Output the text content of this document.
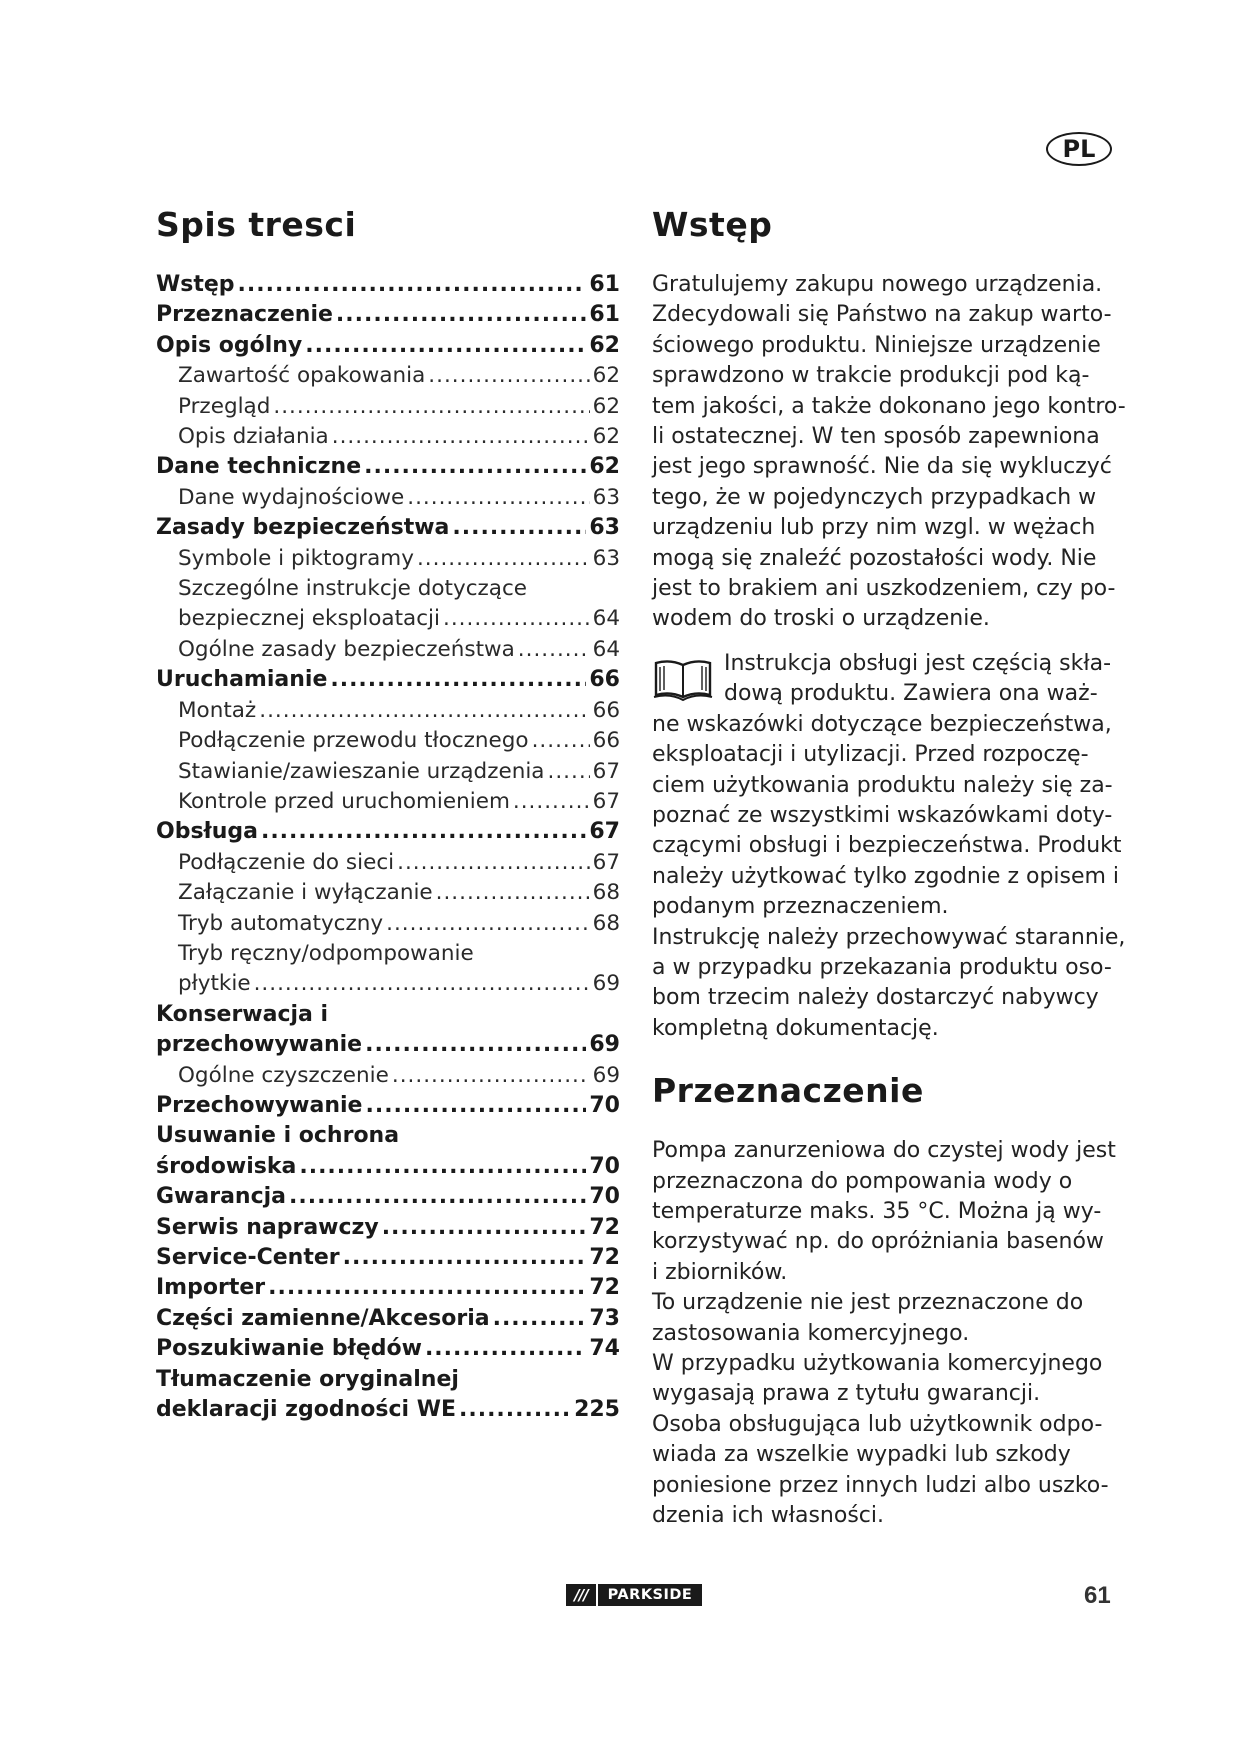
PL
Spis tresci
Wstęp .....	61
Przeznaczenie .....	61
Opis ogólny .....	62
Zawartość opakowania .....	62
Przegląd .....	62
Opis działania .....	62
Dane techniczne .....	62
Dane wydajnościowe .....	63
Zasady bezpieczeństwa .....	63
Symbole i piktogramy .....	63
Szczególne instrukcje dotyczące
bezpiecznej eksploatacji .....	64
Ogólne zasady bezpieczeństwa .....	64
Uruchamianie .....	66
Montaż .....	66
Podłączenie przewodu tłocznego .....	66
Stawianie/zawieszanie urządzenia ..... 67
Kontrole przed uruchomieniem .....	67
Obsługa .....	67
Podłączenie do sieci .....	67
Załączanie i wyłączanie .....	68
Tryb automatyczny .....	68
Tryb ręczny/odpompowanie
płytkie .....	69
Konserwacja i
przechowywanie .....	69
Ogólne czyszczenie .....	69
Przechowywanie .....	70
Usuwanie i ochrona
środowiska .....	70
Gwarancja .....	70
Serwis naprawczy .....	72
Service-Center .....	72
Importer .....	72
Części zamienne/Akcesoria .....	73
Poszukiwanie błędów .....	74
Tłumaczenie oryginalnej
deklaracji zgodności WE .....	225
Wstęp
Gratulujemy zakupu nowego urządzenia.
Zdecydowali się Państwo na zakup warto-
ściowego produktu. Niniejsze urządzenie
sprawdzono w trakcie produkcji pod ką-
tem jakości, a także dokonano jego kontro-
li ostatecznej. W ten sposób zapewniona
jest jego sprawność. Nie da się wykluczyć
tego, że w pojedynczych przypadkach w
urządzeniu lub przy nim wzgl. w wężach
mogą się znaleźć pozostałości wody. Nie
jest to brakiem ani uszkodzeniem, czy po-
wodem do troski o urządzenie.
Instrukcja obsługi jest częścią skła-
dową produktu. Zawiera ona waż-
ne wskazówki dotyczące bezpieczeństwa,
eksploatacji i utylizacji. Przed rozpoczę-
ciem użytkowania produktu należy się za-
poznać ze wszystkimi wskazówkami doty-
czącymi obsługi i bezpieczeństwa. Produkt
należy użytkować tylko zgodnie z opisem i
podanym przeznaczeniem.
Instrukcję należy przechowywać starannie,
a w przypadku przekazania produktu oso-
bom trzecim należy dostarczyć nabywcy
kompletną dokumentację.
Przeznaczenie
Pompa zanurzeniowa do czystej wody jest
przeznaczona do pompowania wody o
temperaturze maks. 35 °C. Można ją wy-
korzystywać np. do opróżniania basenów
i zbiorników.
To urządzenie nie jest przeznaczone do
zastosowania komercyjnego.
W przypadku użytkowania komercyjnego
wygasają prawa z tytułu gwarancji.
Osoba obsługująca lub użytkownik odpo-
wiada za wszelkie wypadki lub szkody
poniesione przez innych ludzi albo uszko-
dzenia ich własności.
///	PARKSIDE	61
